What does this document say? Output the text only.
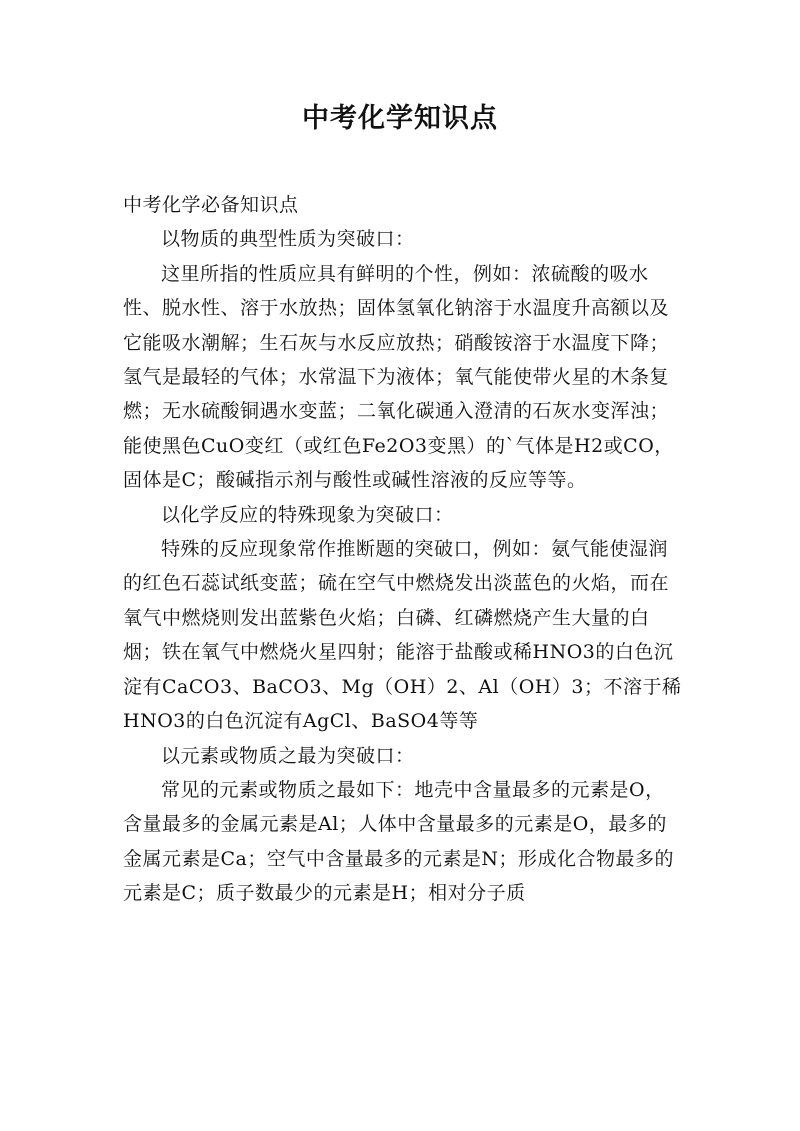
中考化学知识点

中考化学必备知识点

以物质的典型性质为突破口：

这里所指的性质应具有鲜明的个性，例如：浓硫酸的吸水性、脱水性、溶于水放热；固体氢氧化钠溶于水温度升高额以及它能吸水潮解；生石灰与水反应放热；硝酸铵溶于水温度下降；氢气是最轻的气体；水常温下为液体；氧气能使带火星的木条复燃；无水硫酸铜遇水变蓝；二氧化碳通入澄清的石灰水变浑浊；能使黑色CuO变红（或红色Fe2O3变黑）的`气体是H2或CO，固体是C；酸碱指示剂与酸性或碱性溶液的反应等等。

以化学反应的特殊现象为突破口：

特殊的反应现象常作推断题的突破口，例如：氨气能使湿润的红色石蕊试纸变蓝；硫在空气中燃烧发出淡蓝色的火焰，而在氧气中燃烧则发出蓝紫色火焰；白磷、红磷燃烧产生大量的白烟；铁在氧气中燃烧火星四射；能溶于盐酸或稀HNO3的白色沉淀有CaCO3、BaCO3、Mg（OH）2、Al（OH）3；不溶于稀HNO3的白色沉淀有AgCl、BaSO4等等

以元素或物质之最为突破口：

常见的元素或物质之最如下：地壳中含量最多的元素是O，含量最多的金属元素是Al；人体中含量最多的元素是O，最多的金属元素是Ca；空气中含量最多的元素是N；形成化合物最多的元素是C；质子数最少的元素是H；相对分子质
